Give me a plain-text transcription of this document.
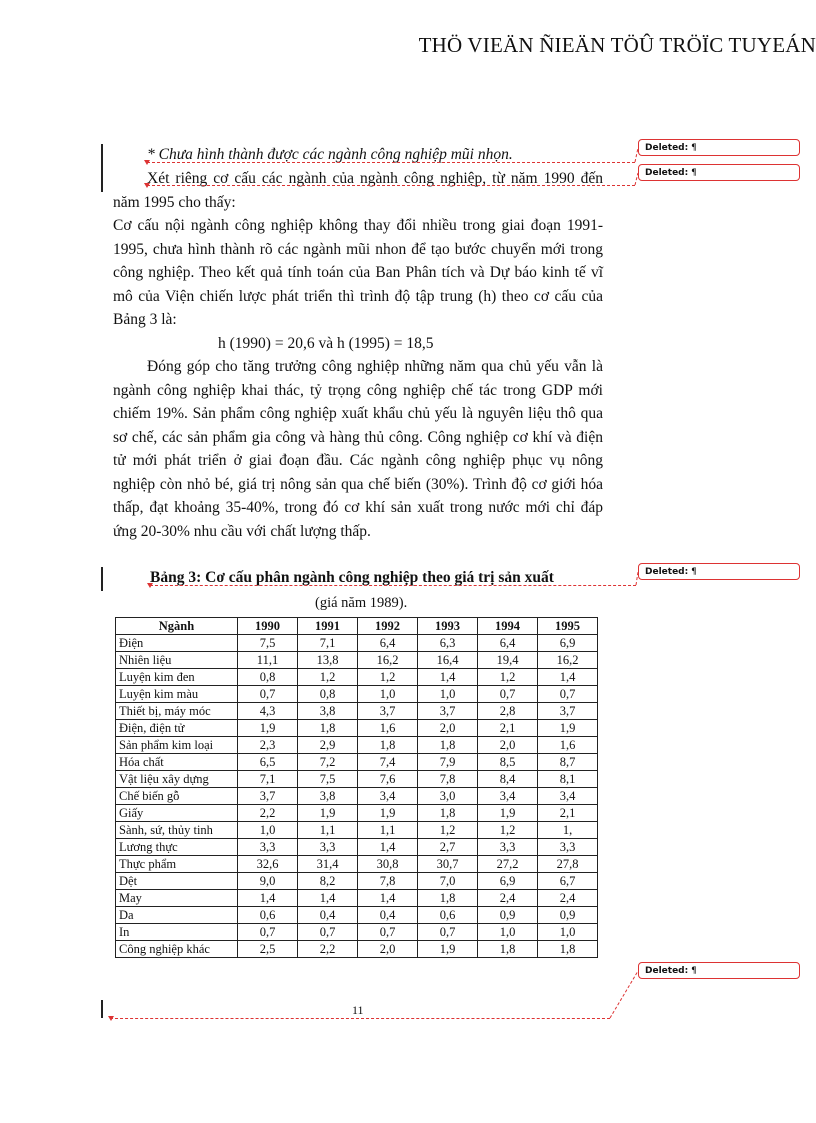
THÖ VIEÄN ÑIEÄN TÖÛ TRÖÏC TUYEÁN
* Chưa hình thành được các ngành công nghiệp mũi nhọn.

Xét riêng cơ cấu các ngành của ngành công nghiệp, từ năm 1990 đến năm 1995 cho thấy:

Cơ cấu nội ngành công nghiệp không thay đổi nhiều trong giai đoạn 1991-1995, chưa hình thành rõ các ngành mũi nhon để tạo bước chuyển mới trong công nghiệp. Theo kết quả tính toán của Ban Phân tích và Dự báo kinh tế vĩ mô của Viện chiến lược phát triển thì trình độ tập trung (h) theo cơ cấu của Bảng 3 là:

h (1990) = 20,6 và h (1995) = 18,5

Đóng góp cho tăng trưởng công nghiệp những năm qua chủ yếu vẫn là ngành công nghiệp khai thác, tỷ trọng công nghiệp chế tác trong GDP mới chiếm 19%. Sản phẩm công nghiệp xuất khẩu chủ yếu là nguyên liệu thô qua sơ chế, các sản phẩm gia công và hàng thủ công. Công nghiệp cơ khí và điện tử mới phát triển ở giai đoạn đầu. Các ngành công nghiệp phục vụ nông nghiệp còn nhỏ bé, giá trị nông sản qua chế biến (30%). Trình độ cơ giới hóa thấp, đạt khoảng 35-40%, trong đó cơ khí sản xuất trong nước mới chỉ đáp ứng 20-30% nhu cầu với chất lượng thấp.

Bảng 3: Cơ cấu phân ngành công nghiệp theo giá trị sản xuất
(giá năm 1989).
Ngành	1990	1991	1992	1993	1994	1995
Điện	7,5	7,1	6,4	6,3	6,4	6,9
Nhiên liệu	11,1	13,8	16,2	16,4	19,4	16,2
Luyện kim đen	0,8	1,2	1,2	1,4	1,2	1,4
Luyện kim màu	0,7	0,8	1,0	1,0	0,7	0,7
Thiết bị, máy móc	4,3	3,8	3,7	3,7	2,8	3,7
Điện, điện tử	1,9	1,8	1,6	2,0	2,1	1,9
Sản phẩm kim loại	2,3	2,9	1,8	1,8	2,0	1,6
Hóa chất	6,5	7,2	7,4	7,9	8,5	8,7
Vật liệu xây dựng	7,1	7,5	7,6	7,8	8,4	8,1
Chế biến gỗ	3,7	3,8	3,4	3,0	3,4	3,4
Giấy	2,2	1,9	1,9	1,8	1,9	2,1
Sành, sứ, thủy tinh	1,0	1,1	1,1	1,2	1,2	1,
Lương thực	3,3	3,3	1,4	2,7	3,3	3,3
Thực phẩm	32,6	31,4	30,8	30,7	27,2	27,8
Dệt	9,0	8,2	7,8	7,0	6,9	6,7
May	1,4	1,4	1,4	1,8	2,4	2,4
Da	0,6	0,4	0,4	0,6	0,9	0,9
In	0,7	0,7	0,7	0,7	1,0	1,0
Công nghiệp khác	2,5	2,2	2,0	1,9	1,8	1,8
11
Deleted: ¶
Deleted: ¶
Deleted: ¶
Deleted: ¶
